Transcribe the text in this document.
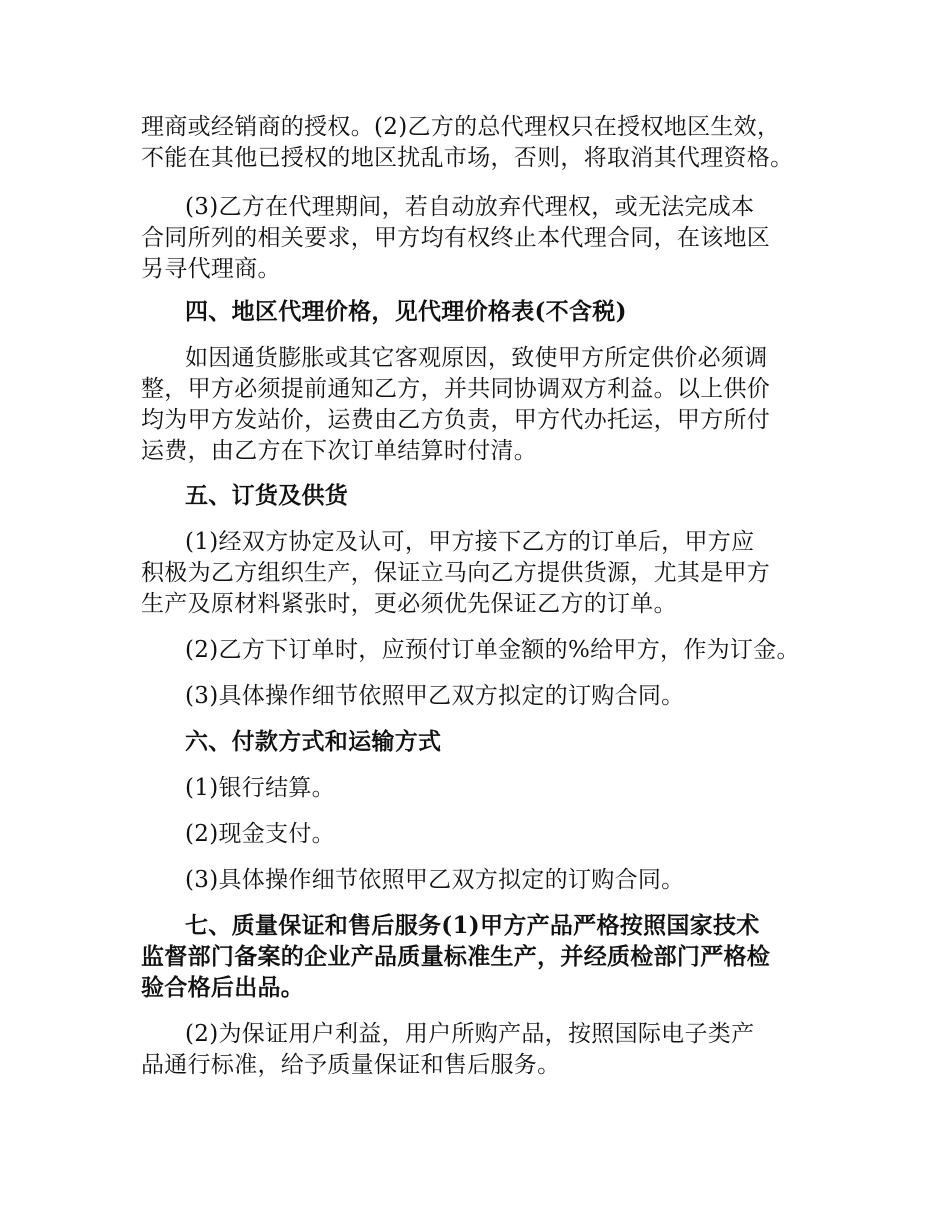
理商或经销商的授权。(2)乙方的总代理权只在授权地区生效，

不能在其他已授权的地区扰乱市场，否则，将取消其代理资格。

(3)乙方在代理期间，若自动放弃代理权，或无法完成本

合同所列的相关要求，甲方均有权终止本代理合同，在该地区

另寻代理商。

四、地区代理价格，见代理价格表(不含税)

如因通货膨胀或其它客观原因，致使甲方所定供价必须调

整，甲方必须提前通知乙方，并共同协调双方利益。以上供价

均为甲方发站价，运费由乙方负责，甲方代办托运，甲方所付

运费，由乙方在下次订单结算时付清。

五、订货及供货

(1)经双方协定及认可，甲方接下乙方的订单后，甲方应

积极为乙方组织生产，保证立马向乙方提供货源，尤其是甲方

生产及原材料紧张时，更必须优先保证乙方的订单。

(2)乙方下订单时，应预付订单金额的%给甲方，作为订金。

(3)具体操作细节依照甲乙双方拟定的订购合同。

六、付款方式和运输方式

(1)银行结算。

(2)现金支付。

(3)具体操作细节依照甲乙双方拟定的订购合同。

七、质量保证和售后服务(1)甲方产品严格按照国家技术

监督部门备案的企业产品质量标准生产，并经质检部门严格检

验合格后出品。

(2)为保证用户利益，用户所购产品，按照国际电子类产

品通行标准，给予质量保证和售后服务。
